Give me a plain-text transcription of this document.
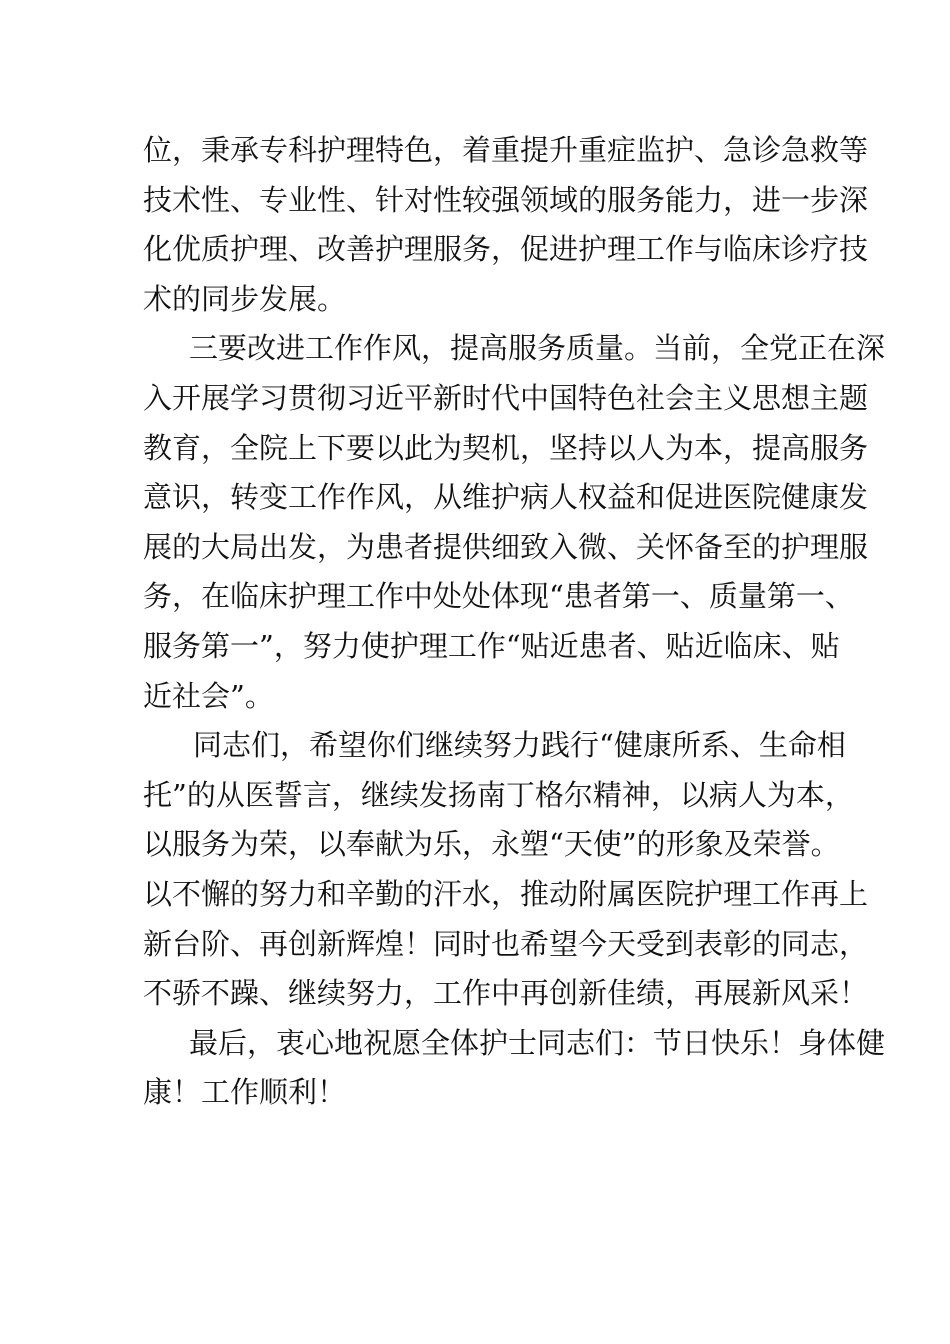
位，秉承专科护理特色，着重提升重症监护、急诊急救等
技术性、专业性、针对性较强领域的服务能力，进一步深
化优质护理、改善护理服务，促进护理工作与临床诊疗技
术的同步发展。

三要改进工作作风，提高服务质量。当前，全党正在深
入开展学习贯彻习近平新时代中国特色社会主义思想主题
教育，全院上下要以此为契机，坚持以人为本，提高服务
意识，转变工作作风，从维护病人权益和促进医院健康发
展的大局出发，为患者提供细致入微、关怀备至的护理服
务，在临床护理工作中处处体现“患者第一、质量第一、
服务第一”，努力使护理工作“贴近患者、贴近临床、贴
近社会”。

同志们，希望你们继续努力践行“健康所系、生命相
托”的从医誓言，继续发扬南丁格尔精神，以病人为本，
以服务为荣，以奉献为乐，永塑“天使”的形象及荣誉。
以不懈的努力和辛勤的汗水，推动附属医院护理工作再上
新台阶、再创新辉煌！同时也希望今天受到表彰的同志，
不骄不躁、继续努力，工作中再创新佳绩，再展新风采！

最后，衷心地祝愿全体护士同志们：节日快乐！身体健
康！工作顺利！
